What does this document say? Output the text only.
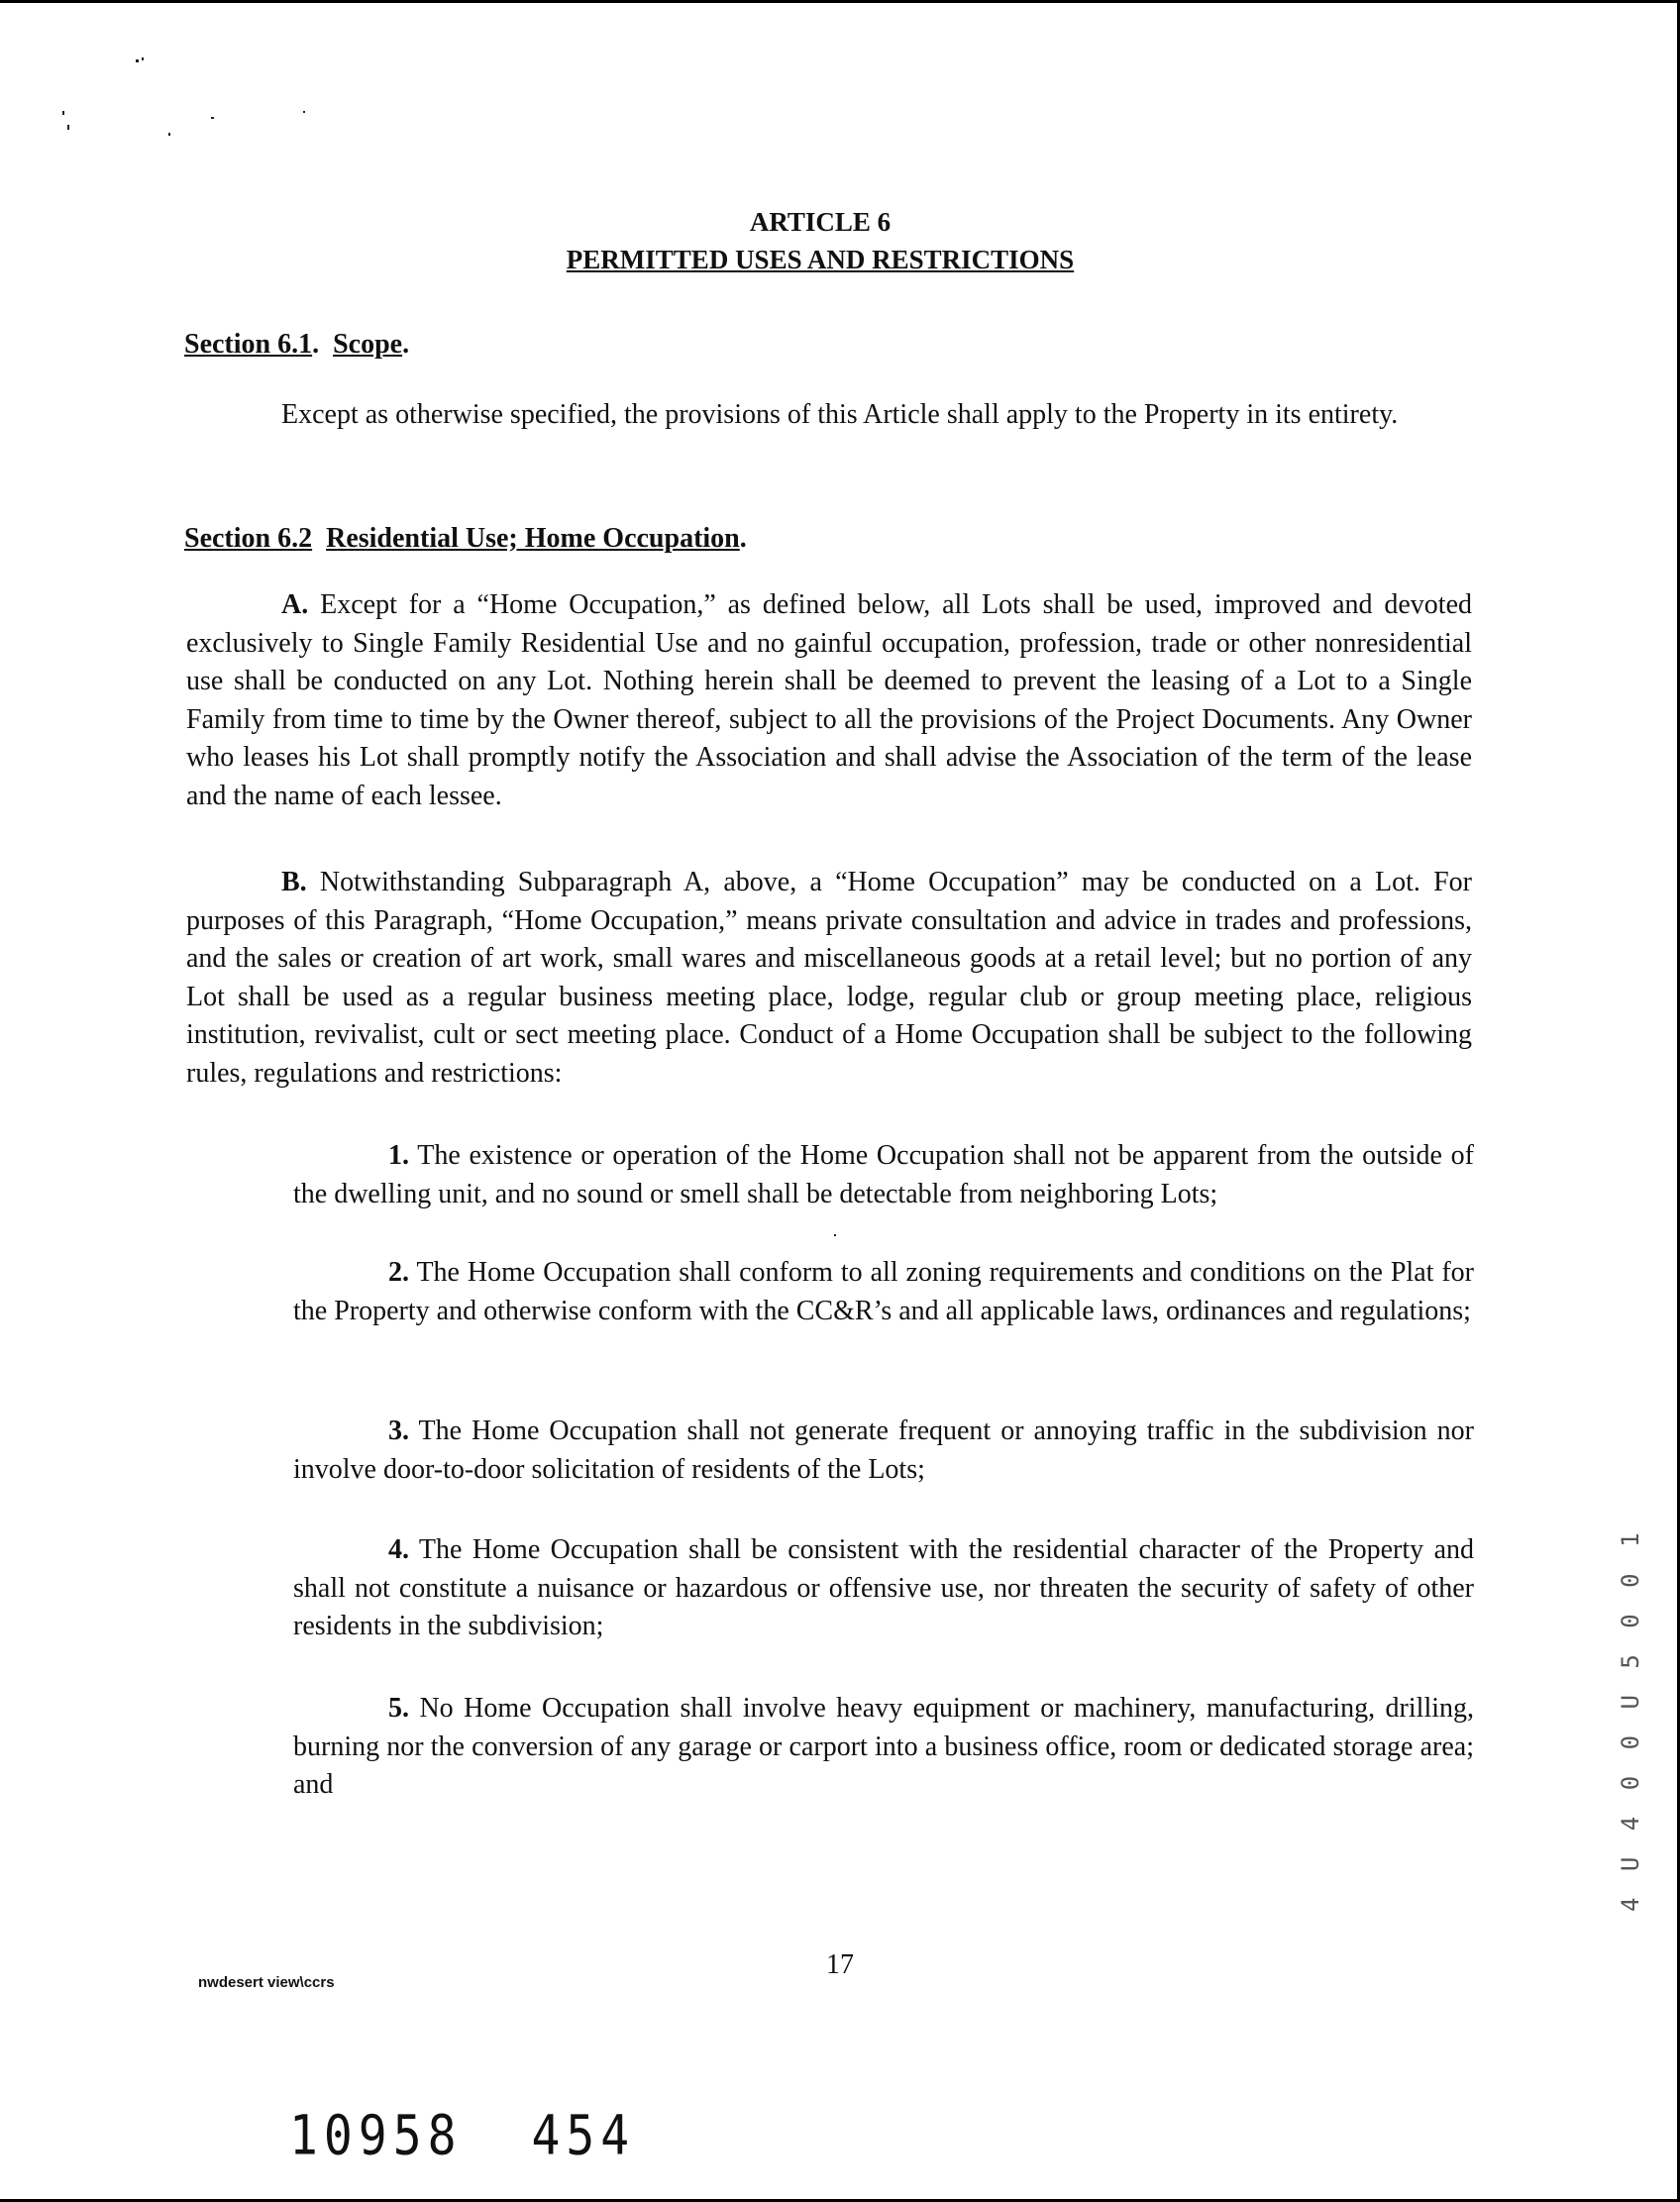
ARTICLE 6
PERMITTED USES AND RESTRICTIONS
Section 6.1.  Scope.

Except as otherwise specified, the provisions of this Article shall apply to the Property in its entirety.

Section 6.2 Residential Use; Home Occupation.

A. Except for a “Home Occupation,” as defined below, all Lots shall be used, improved and devoted exclusively to Single Family Residential Use and no gainful occupation, profession, trade or other nonresidential use shall be conducted on any Lot. Nothing herein shall be deemed to prevent the leasing of a Lot to a Single Family from time to time by the Owner thereof, subject to all the provisions of the Project Documents. Any Owner who leases his Lot shall promptly notify the Association and shall advise the Association of the term of the lease and the name of each lessee.

B. Notwithstanding Subparagraph A, above, a “Home Occupation” may be conducted on a Lot. For purposes of this Paragraph, “Home Occupation,” means private consultation and advice in trades and professions, and the sales or creation of art work, small wares and miscellaneous goods at a retail level; but no portion of any Lot shall be used as a regular business meeting place, lodge, regular club or group meeting place, religious institution, revivalist, cult or sect meeting place. Conduct of a Home Occupation shall be subject to the following rules, regulations and restrictions:

1. The existence or operation of the Home Occupation shall not be apparent from the outside of the dwelling unit, and no sound or smell shall be detectable from neighboring Lots;

2. The Home Occupation shall conform to all zoning requirements and conditions on the Plat for the Property and otherwise conform with the CC&R’s and all applicable laws, ordinances and regulations;

3. The Home Occupation shall not generate frequent or annoying traffic in the subdivision nor involve door-to-door solicitation of residents of the Lots;

4. The Home Occupation shall be consistent with the residential character of the Property and shall not constitute a nuisance or hazardous or offensive use, nor threaten the security of safety of other residents in the subdivision;

5. No Home Occupation shall involve heavy equipment or machinery, manufacturing, drilling, burning nor the conversion of any garage or carport into a business office, room or dedicated storage area; and

17
nwdesert view\ccrs
10958 454
4 U 4 0 0 U 5 0 0 1
